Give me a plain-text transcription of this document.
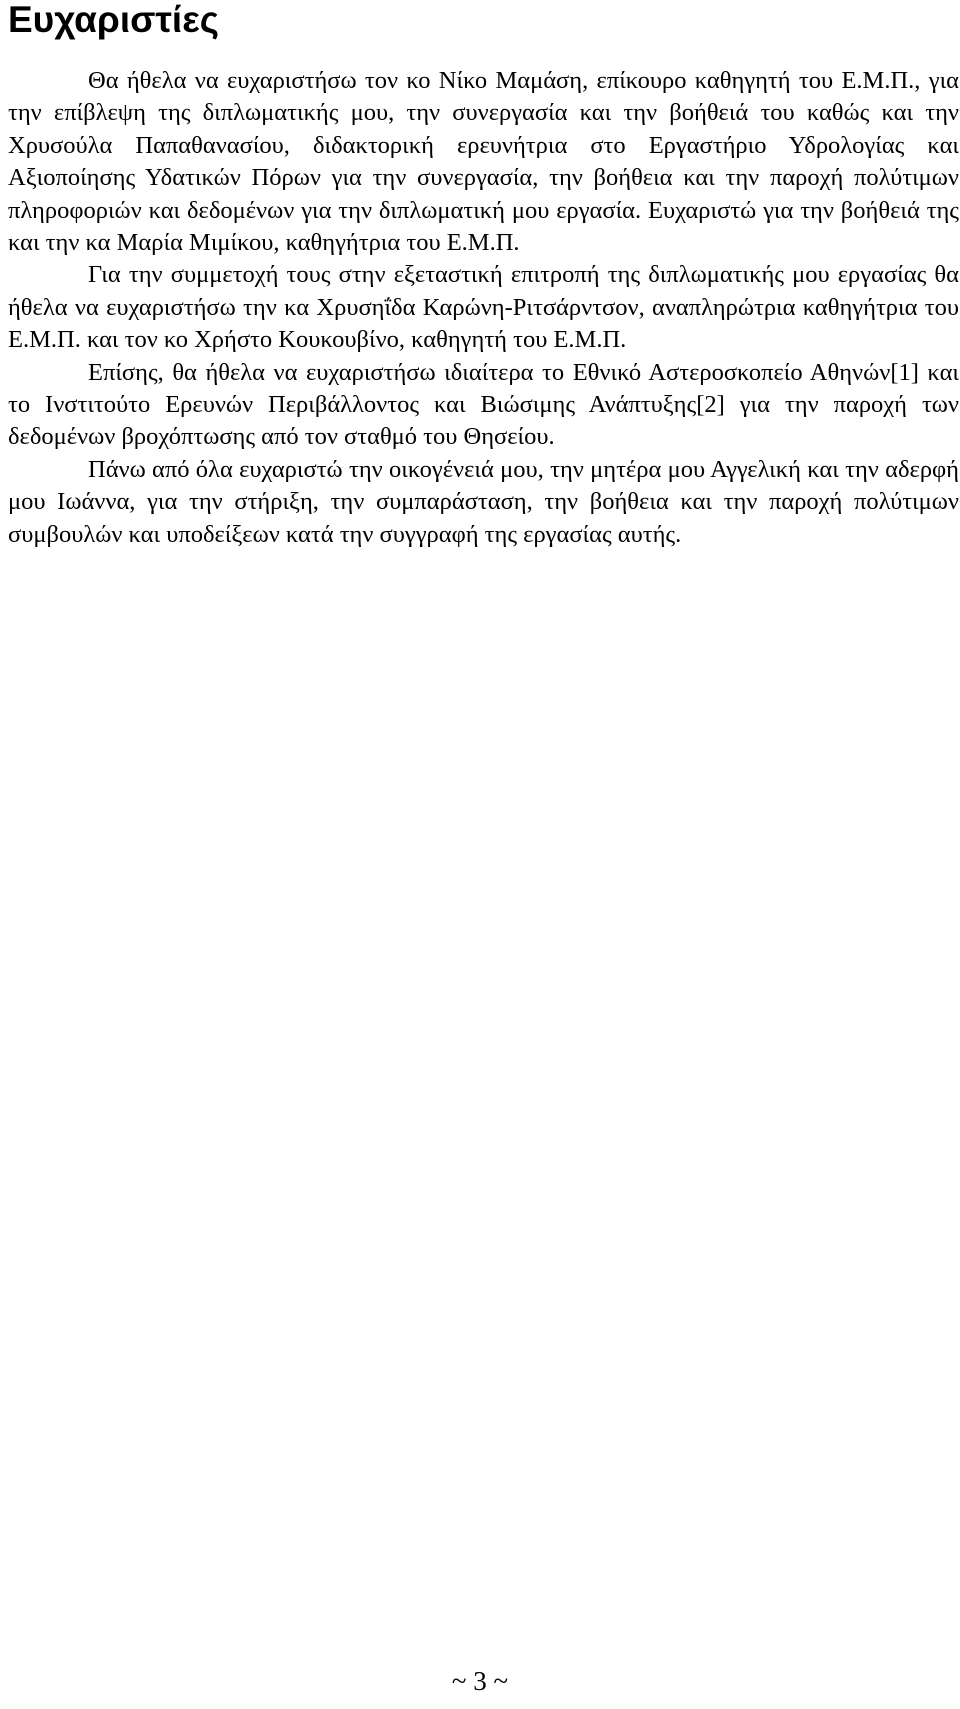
Ευχαριστίες

Θα ήθελα να ευχαριστήσω τον κο Νίκο Μαμάση, επίκουρο καθηγητή του Ε.Μ.Π., για την επίβλεψη της διπλωματικής μου, την συνεργασία και την βοήθειά του καθώς και την Χρυσούλα Παπαθανασίου, διδακτορική ερευνήτρια στο Εργαστήριο Υδρολογίας και Αξιοποίησης Υδατικών Πόρων για την συνεργασία, την βοήθεια και την παροχή πολύτιμων πληροφοριών και δεδομένων για την διπλωματική μου εργασία. Ευχαριστώ για την βοήθειά της και την κα Μαρία Μιμίκου, καθηγήτρια του Ε.Μ.Π.

Για την συμμετοχή τους στην εξεταστική επιτροπή της διπλωματικής μου εργασίας θα ήθελα να ευχαριστήσω την κα Χρυσηΐδα Καρώνη-Ριτσάρντσον, αναπληρώτρια καθηγήτρια του Ε.Μ.Π. και τον κο Χρήστο Κουκουβίνο, καθηγητή του Ε.Μ.Π.

Επίσης, θα ήθελα να ευχαριστήσω ιδιαίτερα το Εθνικό Αστεροσκοπείο Αθηνών[1] και το Ινστιτούτο Ερευνών Περιβάλλοντος και Βιώσιμης Ανάπτυξης[2] για την παροχή των δεδομένων βροχόπτωσης από τον σταθμό του Θησείου.

Πάνω από όλα ευχαριστώ την οικογένειά μου, την μητέρα μου Αγγελική και την αδερφή μου Ιωάννα, για την στήριξη, την συμπαράσταση, την βοήθεια και την παροχή πολύτιμων συμβουλών και υποδείξεων κατά την συγγραφή της εργασίας αυτής.

~ 3 ~
